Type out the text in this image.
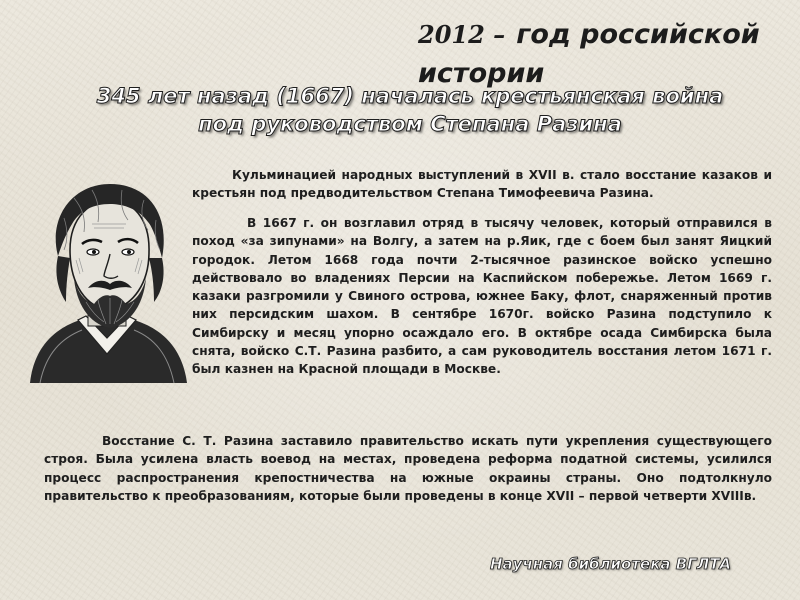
2012 – год российской истории
345 лет назад (1667) началась крестьянская война
под руководством Степана Разина

Кульминацией народных выступлений в XVII в. стало восстание казаков и крестьян под предводительством Степана Тимофеевича Разина.

В 1667 г. он возглавил отряд в тысячу человек, который отправился в поход «за зипунами» на Волгу, а затем на р.Яик, где с боем был занят Яицкий городок. Летом 1668 года почти 2-тысячное разинское войско успешно действовало во владениях Персии на Каспийском побережье. Летом 1669 г. казаки разгромили у Свиного острова, южнее Баку, флот, снаряженный против них персидским шахом. В сентябре 1670г. войско Разина подступило к Симбирску и месяц упорно осаждало его. В октябре осада Симбирска была снята, войско С.Т. Разина разбито, а сам руководитель восстания летом 1671 г. был казнен на Красной площади в Москве.

Восстание С. Т. Разина заставило правительство искать пути укрепления существующего строя. Была усилена власть воевод на местах, проведена реформа податной системы, усилился процесс распространения крепостничества на южные окраины страны. Оно подтолкнуло правительство к преобразованиям, которые были проведены в конце XVII – первой четверти XVIIIв.

Научная библиотека ВГЛТА
